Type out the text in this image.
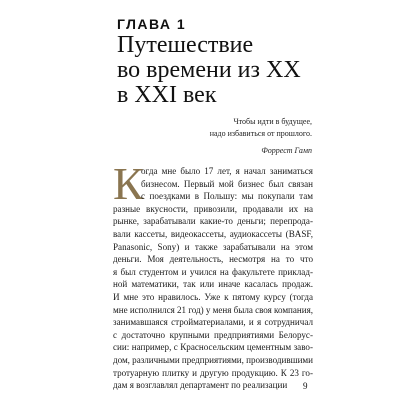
ГЛАВА 1
Путешествие
во времени из XX
в XXI век
Чтобы идти в будущее,
надо избавиться от прошлого.
Форрест Гамп
К
огда мне было 17 лет, я начал заниматься
бизнесом. Первый мой бизнес был связан
с поездками в Польшу: мы покупали там
разные вкусности, привозили, продавали их на
рынке, зарабатывали какие-то деньги; перепрода-
вали кассеты, видеокассеты, аудиокассеты (BASF,
Panasonic, Sony) и также зарабатывали на этом
деньги. Моя деятельность, несмотря на то что
я был студентом и учился на факультете приклад-
ной математики, так или иначе касалась продаж.
И мне это нравилось. Уже к пятому курсу (тогда
мне исполнился 21 год) у меня была своя компания,
занимавшаяся стройматериалами, и я сотрудничал
с достаточно крупными предприятиями Белорус-
сии: например, с Красносельским цементным заво-
дом, различными предприятиями, производившими
тротуарную плитку и другую продукцию. К 23 го-
дам я возглавлял департамент по реализации	9
